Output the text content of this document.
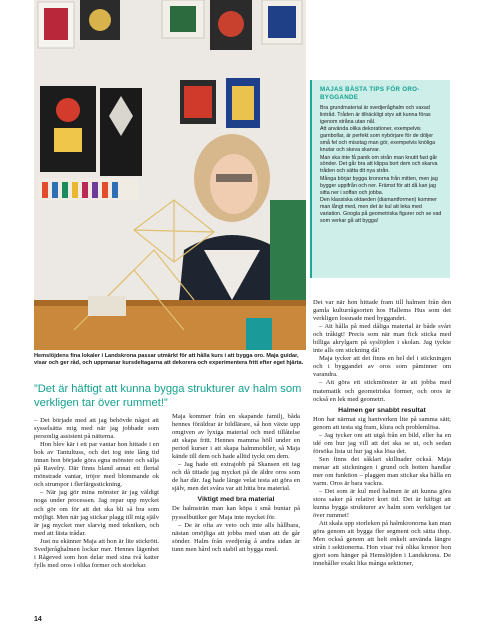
Hemslöjdens fina lokaler i Landskrona passar utmärkt för att hålla kurs i att bygga oro. Maja guidar, visar och ger råd, och uppmanar kursdeltagarna att dekorera och experimentera fritt efter eget hjärta.
MAJAS BÄSTA TIPS FÖR ORO-BYGGANDE

Bra grundmaterial är svedjeråghalm och vaxad lintråd. Tråden är tillräckligt styv att kunna föras igenom stråna utan nål.

Att använda olika dekorationer, exempelvis garnbollar, är perfekt som nybörjare för de döljer små fel och misstag man gör, exempelvis knöliga knutar och skeva skarvar.

Man ska inte få panik om strån man knutit fast går sönder. Det går bra att klippa bort dem och skarva tråden och sätta dit nya strån.

Många börjar bygga kronorna från mitten, men jag bygger uppifrån och ner. Främst för att då kan jag sitta ner i soffan och jobba.

Den klassiska oktaeden (diamantformen) kommer man långt med, men det är kul att leka med variation. Googla på geometriska figurer och se vad som verkar gå att bygga!

”Det är häftigt att kunna bygga strukturer av halm som verkligen tar över rummet!”

– Det började med att jag behövde något att sysselsätta mig med när jag jobbade som personlig assistent på nätterna.

Hon blev kär i ett par vantar hon hittade i en bok av Tantultuss, och det tog inte lång tid innan hon började göra egna mönster och sälja på Ravelry. Där finns bland annat ett flertal mönstrade vantar, tröjor med blommande ok och strumpor i flerfärgsstickning.

– När jag gör mina mönster är jag väldigt noga under processen. Jag repar upp mycket och gör om för att det ska bli så bra som möjligt. Men när jag stickar plagg till mig själv är jag mycket mer slarvig med tekniken, och med att fästa trådar.

Just nu ekänner Maja att hon är lite stickrött. Svedjeråghalmen lockar mer. Hennes lägenhet i Rågeved som hon delar med sina två katter fylls med oros i olika former och storlekar.

Maja kommer från en skapande familj, båda hennes föräldrar är bildlärare, så hon växte upp omgiven av lyxiga material och med tillåtelse att skapa fritt. Hennes mamma höll under en period kurser i att skapa halmmobiler, så Maja kände till dem och hade alltid tyckt om dem.

– Jag hade ett extrajobb på Skansen ett tag och då tittade jag mycket på de äldre oros som de har där. Jag hade länge velat testa att göra en själv, men det svåra var att hitta bra material.

Viktigt med bra material

De halmsträn man kan köpa i små buntar på pysselbutiker ger Maja inte mycket för.

– De är ofta av veto och inte alls hållbara, nästan omöjliga att jobba med utan att de går sönder. Halm från svedjeråg å andra sidan är tunn men hård och stabil att bygga med.

Det var när hon hittade fram till halmen från den gamla kulturrågsorten hos Hallems Hus som det verkligen lossnade med byggandet.

– Att hålla på med dåliga material är både svårt och tråkigt! Precis som när man fick sticka med billiga akrylgarn på syslöjden i skolan. Jag tyckte inte alls om stickning då!

Maja tycker att det finns en hel del i stickningen och i byggandet av oros som påminner om varandra.

– Att göra ett stickmönster är att jobba med matematik och geometriska former, och oros är också en lek med geometri.

Halmen ger snabbt resultat

Hon har närmat sig hantverken lite på samma sätt; genom att testa sig fram, klura och problemlösa.

– Jag tycker om att utgå från en bild, eller ha en idé om hur jag vill att det ska se ut, och sedan försöka lista ut hur jag ska lösa det.

Sen finns det såklart skillnader också. Maja menar att stickningen i grund och botten handlar mer om funktion – plaggen man stickar ska hålla en varm. Oros är bara vackra.

– Det som är kul med halmen är att kunna göra stora saker på relativt kort tid. Det är häftigt att kunna bygga strukturer av halm som verkligen tar över rummet!

Att skala upp storleken på halmkronorna kan man göra genom att bygga fler segment och sätta ihop. Men också genom att helt enkelt använda längre strån i sektionerna. Hon visar två olika kronor hon gjort som hänger på Hemslöjden i Landskrona. De innehåller exakt lika många sektioner,

14
